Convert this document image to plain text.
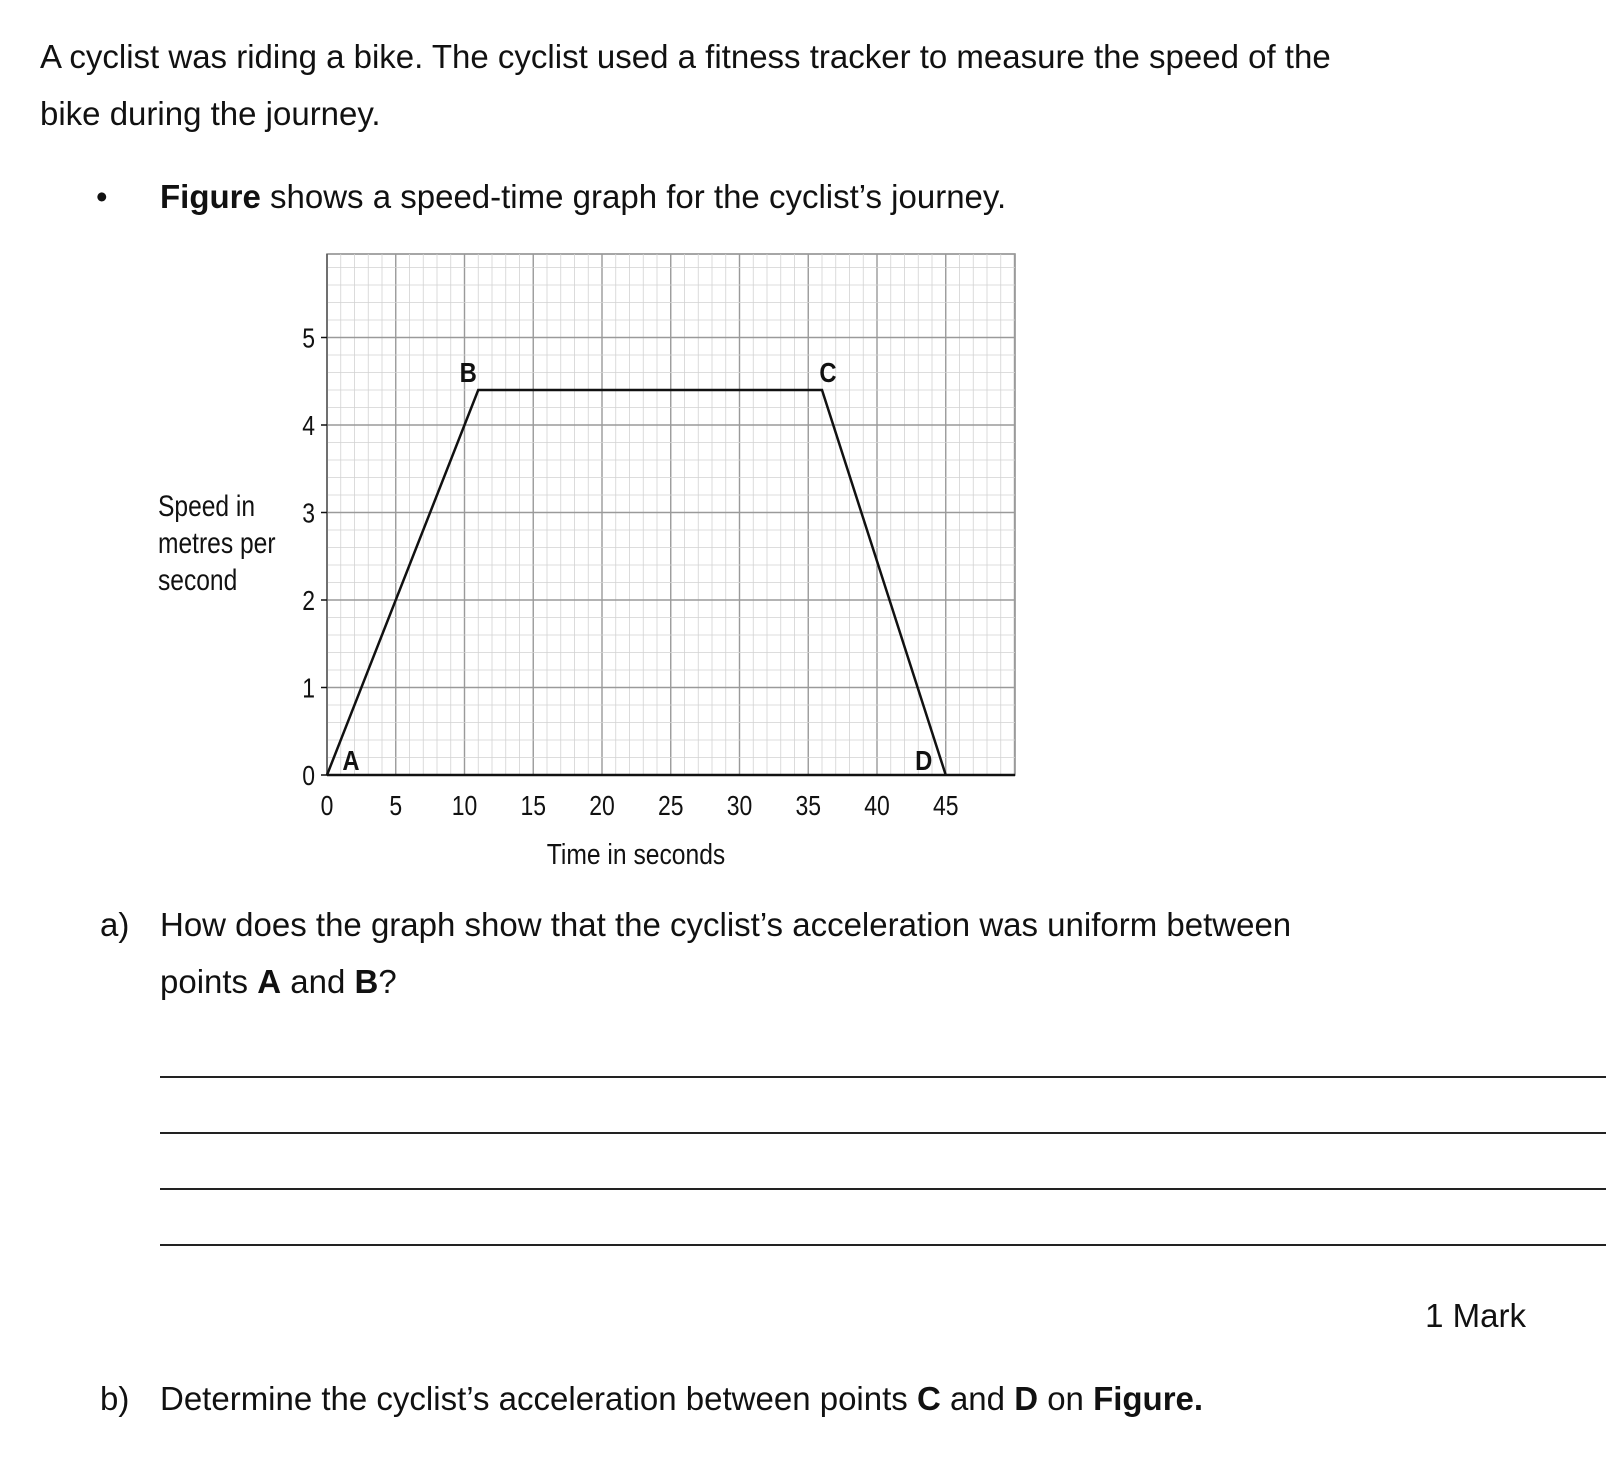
A cyclist was riding a bike. The cyclist used a fitness tracker to measure the speed of the
bike during the journey.
• Figure shows a speed-time graph for the cyclist’s journey.
0
1
2
3
4
5
0 5 10 15 20 25 30 35 40 45
Time in seconds
Speed in
metres per
second
A
B	C
D
a) How does the graph show that the cyclist’s acceleration was uniform between
points A and B?
1 Mark
b) Determine the cyclist’s acceleration between points C and D on Figure.
